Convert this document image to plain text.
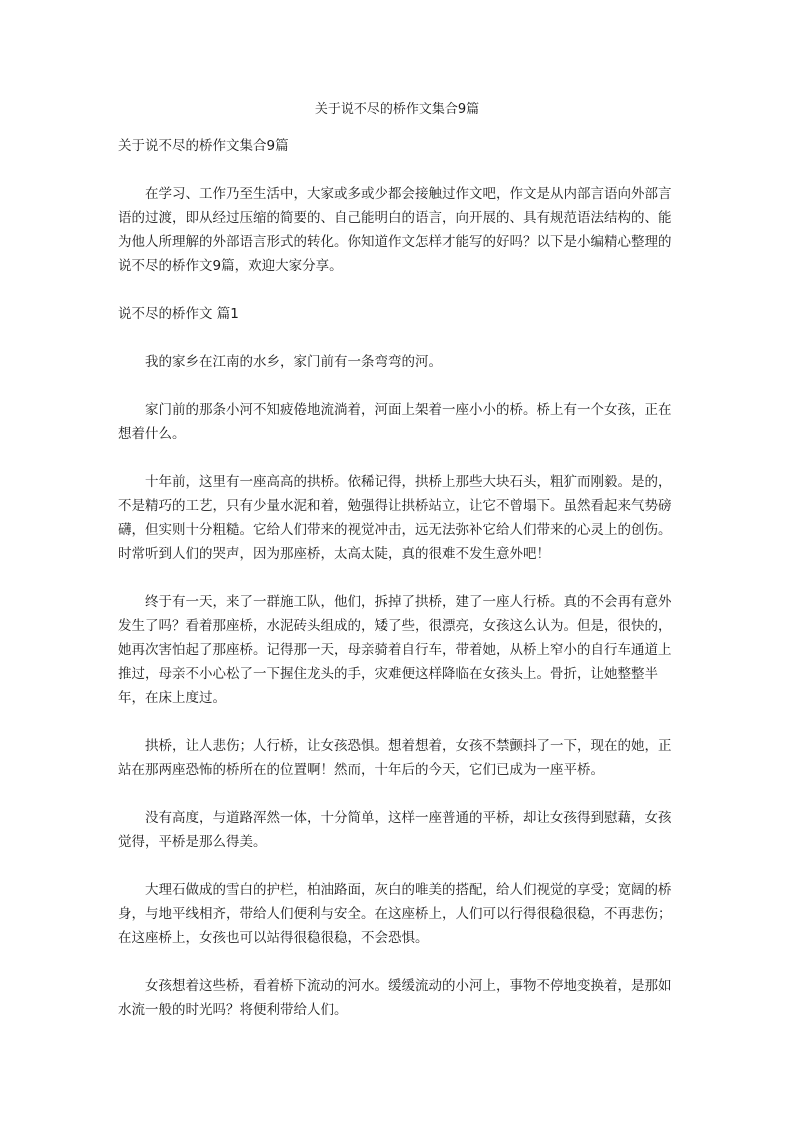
关于说不尽的桥作文集合9篇

关于说不尽的桥作文集合9篇

在学习、工作乃至生活中，大家或多或少都会接触过作文吧，作文是从内部言语向外部言语的过渡，即从经过压缩的简要的、自己能明白的语言，向开展的、具有规范语法结构的、能为他人所理解的外部语言形式的转化。你知道作文怎样才能写的好吗？以下是小编精心整理的说不尽的桥作文9篇，欢迎大家分享。

说不尽的桥作文 篇1

我的家乡在江南的水乡，家门前有一条弯弯的河。

家门前的那条小河不知疲倦地流淌着，河面上架着一座小小的桥。桥上有一个女孩，正在想着什么。

十年前，这里有一座高高的拱桥。依稀记得，拱桥上那些大块石头，粗犷而刚毅。是的，不是精巧的工艺，只有少量水泥和着，勉强得让拱桥站立，让它不曾塌下。虽然看起来气势磅礴，但实则十分粗糙。它给人们带来的视觉冲击，远无法弥补它给人们带来的心灵上的创伤。时常听到人们的哭声，因为那座桥，太高太陡，真的很难不发生意外吧！

终于有一天，来了一群施工队，他们，拆掉了拱桥，建了一座人行桥。真的不会再有意外发生了吗？看着那座桥，水泥砖头组成的，矮了些，很漂亮，女孩这么认为。但是，很快的，她再次害怕起了那座桥。记得那一天，母亲骑着自行车，带着她，从桥上窄小的自行车通道上推过，母亲不小心松了一下握住龙头的手，灾难便这样降临在女孩头上。骨折，让她整整半年，在床上度过。

拱桥，让人悲伤；人行桥，让女孩恐惧。想着想着，女孩不禁颤抖了一下，现在的她，正站在那两座恐怖的桥所在的位置啊！然而，十年后的今天，它们已成为一座平桥。

没有高度，与道路浑然一体，十分简单，这样一座普通的平桥，却让女孩得到慰藉，女孩觉得，平桥是那么得美。

大理石做成的雪白的护栏，柏油路面，灰白的唯美的搭配，给人们视觉的享受；宽阔的桥身，与地平线相齐，带给人们便利与安全。在这座桥上，人们可以行得很稳很稳，不再悲伤；在这座桥上，女孩也可以站得很稳很稳，不会恐惧。

女孩想着这些桥，看着桥下流动的河水。缓缓流动的小河上，事物不停地变换着，是那如水流一般的时光吗？将便利带给人们。
